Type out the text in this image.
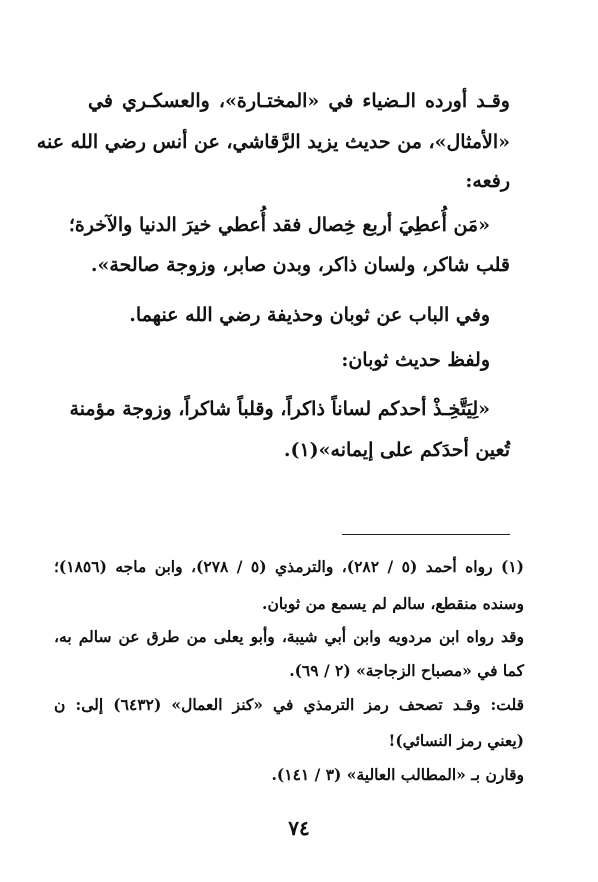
وقـد أورده الـضياء في «المختـارة»، والعسكـري في
«الأمثال»، من حديث يزيد الرَّقاشي، عن أنس رضي الله عنه
رفعه:
«مَن أُعطِيَ أربع خِصال فقد أُعطي خيرَ الدنيا والآخرة؛
قلب شاكر، ولسان ذاكر، وبدن صابر، وزوجة صالحة».
وفي الباب عن ثوبان وحذيفة رضي الله عنهما.
ولفظ حديث ثوبان:
«لِيَتَّخِـذْ أحدكم لساناً ذاكراً، وقلباً شاكراً، وزوجة مؤمنة
تُعين أحدَكم على إيمانه»(١).
(١) رواه أحمد (٥ / ٢٨٢)، والترمذي (٥ / ٢٧٨)، وابن ماجه (١٨٥٦)؛
وسنده منقطع، سالم لم يسمع من ثوبان.
وقد رواه ابن مردويه وابن أبي شيبة، وأبو يعلى من طرق عن سالم به،
كما في «مصباح الزجاجة» (٢ / ٦٩).
قلت: وقـد تصحف رمز الترمذي في «كنز العمال» (٦٤٣٢) إلى: ن
(يعني رمز النسائي)!
وقارن بـ «المطالب العالية» (٣ / ١٤١).
٧٤
